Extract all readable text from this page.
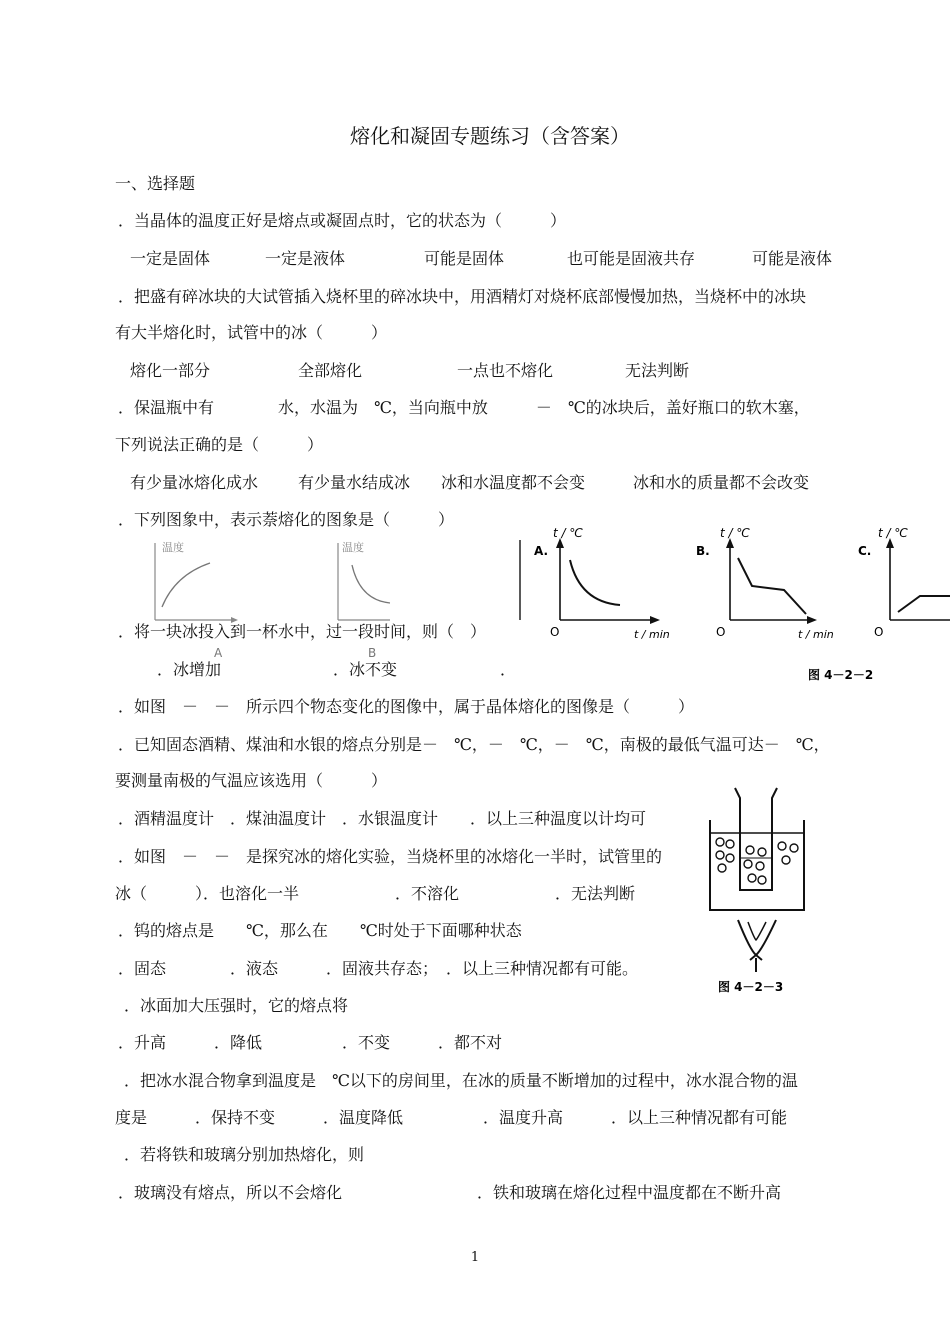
熔化和凝固专题练习（含答案）
一、选择题
．当晶体的温度正好是熔点或凝固点时，它的状态为（　　　）
一定是固体	一定是液体	可能是固体	也可能是固液共存	可能是液体
．把盛有碎冰块的大试管插入烧杯里的碎冰块中，用酒精灯对烧杯底部慢慢加热，当烧杯中的冰块
有大半熔化时，试管中的冰（　　　）
熔化一部分	全部熔化	一点也不熔化	无法判断
．保温瓶中有　　　　水，水温为　℃，当向瓶中放　　　－　℃的冰块后，盖好瓶口的软木塞，
下列说法正确的是（　　　）
有少量冰熔化成水 有少量水结成冰 冰和水温度都不会变	冰和水的质量都不会改变
．下列图象中，表示萘熔化的图象是（　　　）
温度	温度
A	B
t / ℃
A.
O	t / min
t / ℃
B.
O	t / min
t / ℃
C.
O
图 4－2－2
．将一块冰投入到一杯水中，过一段时间，则（　）
．冰增加	．冰不变	．
．如图　－　－　所示四个物态变化的图像中，属于晶体熔化的图像是（　　　）
．已知固态酒精、煤油和水银的熔点分别是－　℃，－　℃，－　℃，南极的最低气温可达－　℃，
要测量南极的气温应该选用（　　　）
．酒精温度计　．煤油温度计　．水银温度计　　．以上三种温度以计均可
图 4－2－3
．如图　－　－　是探究冰的熔化实验，当烧杯里的冰熔化一半时，试管里的
冰（　　　）．也溶化一半　　　　　　．不溶化　　　　　　．无法判断
．钨的熔点是　　℃，那么在　　℃时处于下面哪种状态
．固态　　　　．液态　　　．固液共存态；　．以上三种情况都有可能。
．冰面加大压强时，它的熔点将
．升高　　　．降低　　　　　．不变　　　．都不对
．把冰水混合物拿到温度是　℃以下的房间里，在冰的质量不断增加的过程中，冰水混合物的温
度是　　　．保持不变　　　．温度降低　　　　　．温度升高　　　．以上三种情况都有可能
．若将铁和玻璃分别加热熔化，则
．玻璃没有熔点，所以不会熔化	．铁和玻璃在熔化过程中温度都在不断升高
1
